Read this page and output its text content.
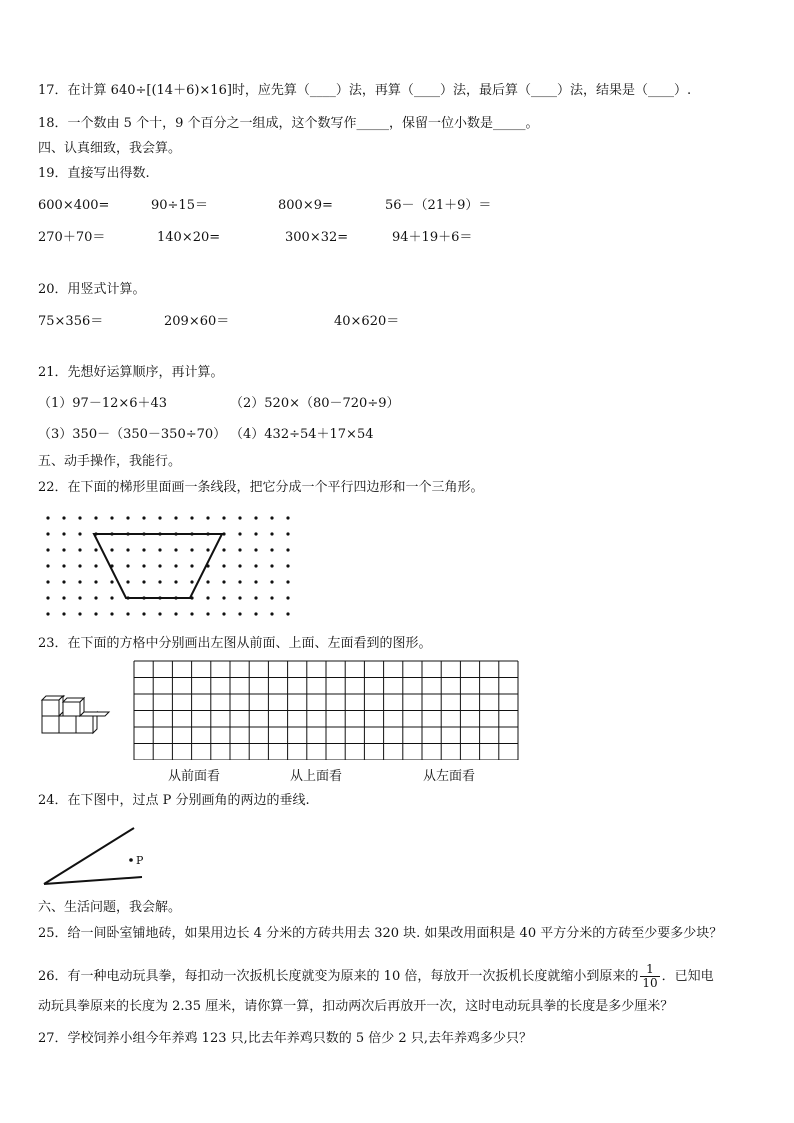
17．在计算 640÷[(14＋6)×16]时，应先算（____）法，再算（____）法，最后算（____）法，结果是（____）.
18．一个数由 5 个十，9 个百分之一组成，这个数写作_____，保留一位小数是_____。
四、认真细致，我会算。
19．直接写出得数.
600×400=	90÷15＝	800×9=	56－（21＋9）＝
270＋70＝	140×20=	300×32=	94＋19＋6＝
20．用竖式计算。
75×356＝	209×60＝	40×620＝
21．先想好运算顺序，再计算。
（1）97－12×6＋43	（2）520×（80－720÷9）
（3）350－（350－350÷70） （4）432÷54＋17×54
五、动手操作，我能行。
22．在下面的梯形里面画一条线段，把它分成一个平行四边形和一个三角形。
23．在下面的方格中分别画出左图从前面、上面、左面看到的图形。
从前面看	从上面看	从左面看
24．在下图中，过点 P 分别画角的两边的垂线.
P
六、生活问题，我会解。
25．给一间卧室铺地砖，如果用边长 4 分米的方砖共用去 320 块. 如果改用面积是 40 平方分米的方砖至少要多少块？
26．有一种电动玩具拳，每扣动一次扳机长度就变为原来的 10 倍，每放开一次扳机长度就缩小到原来的 $\frac{1}{10}$ ．已知电
动玩具拳原来的长度为 2.35 厘米，请你算一算，扣动两次后再放开一次，这时电动玩具拳的长度是多少厘米？
27．学校饲养小组今年养鸡 123 只,比去年养鸡只数的 5 倍少 2 只,去年养鸡多少只？
